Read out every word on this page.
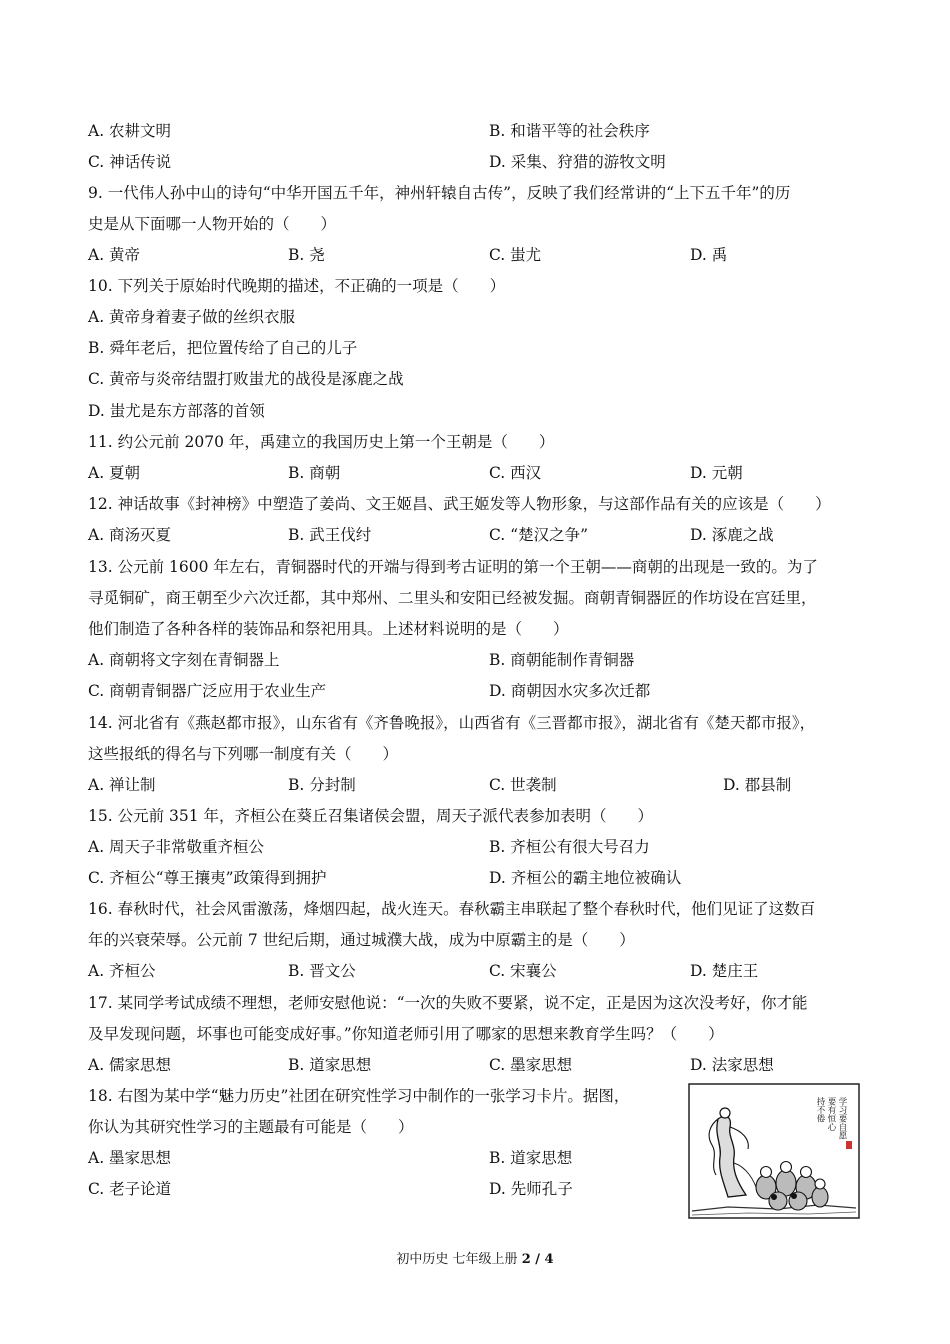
A. 农耕文明	B. 和谐平等的社会秩序
C. 神话传说	D. 采集、狩猎的游牧文明
9. 一代伟人孙中山的诗句“中华开国五千年，神州轩辕自古传”，反映了我们经常讲的“上下五千年”的历
史是从下面哪一人物开始的（　　）
A. 黄帝	B. 尧	C. 蚩尤	D. 禹
10. 下列关于原始时代晚期的描述，不正确的一项是（　　）
A. 黄帝身着妻子做的丝织衣服
B. 舜年老后，把位置传给了自己的儿子
C. 黄帝与炎帝结盟打败蚩尤的战役是涿鹿之战
D. 蚩尤是东方部落的首领
11. 约公元前 2070 年，禹建立的我国历史上第一个王朝是（　　）
A. 夏朝	B. 商朝	C. 西汉	D. 元朝
12. 神话故事《封神榜》中塑造了姜尚、文王姬昌、武王姬发等人物形象，与这部作品有关的应该是（　　）
A. 商汤灭夏	B. 武王伐纣	C. “楚汉之争”	D. 涿鹿之战
13. 公元前 1600 年左右，青铜器时代的开端与得到考古证明的第一个王朝——商朝的出现是一致的。为了
寻觅铜矿，商王朝至少六次迁都，其中郑州、二里头和安阳已经被发掘。商朝青铜器匠的作坊设在宫廷里，
他们制造了各种各样的装饰品和祭祀用具。上述材料说明的是（　　）
A. 商朝将文字刻在青铜器上	B. 商朝能制作青铜器
C. 商朝青铜器广泛应用于农业生产	D. 商朝因水灾多次迁都
14. 河北省有《燕赵都市报》，山东省有《齐鲁晚报》，山西省有《三晋都市报》，湖北省有《楚天都市报》，
这些报纸的得名与下列哪一制度有关（　　）
A. 禅让制	B. 分封制	C. 世袭制	D. 郡县制
15. 公元前 351 年，齐桓公在葵丘召集诸侯会盟，周天子派代表参加表明（　　）
A. 周天子非常敬重齐桓公	B. 齐桓公有很大号召力
C. 齐桓公“尊王攘夷”政策得到拥护	D. 齐桓公的霸主地位被确认
16. 春秋时代，社会风雷激荡，烽烟四起，战火连天。春秋霸主串联起了整个春秋时代，他们见证了这数百
年的兴衰荣辱。公元前 7 世纪后期，通过城濮大战，成为中原霸主的是（　　）
A. 齐桓公	B. 晋文公	C. 宋襄公	D. 楚庄王
17. 某同学考试成绩不理想，老师安慰他说：“一次的失败不要紧，说不定，正是因为这次没考好，你才能
及早发现问题，坏事也可能变成好事。”你知道老师引用了哪家的思想来教育学生吗？（　　）
A. 儒家思想	B. 道家思想	C. 墨家思想	D. 法家思想
18. 右图为某中学“魅力历史”社团在研究性学习中制作的一张学习卡片。据图，
你认为其研究性学习的主题最有可能是（　　）
A. 墨家思想	B. 道家思想
C. 老子论道	D. 先师孔子
学习要自愿
要有恒心
持不倦
初中历史 七年级上册 2 / 4
